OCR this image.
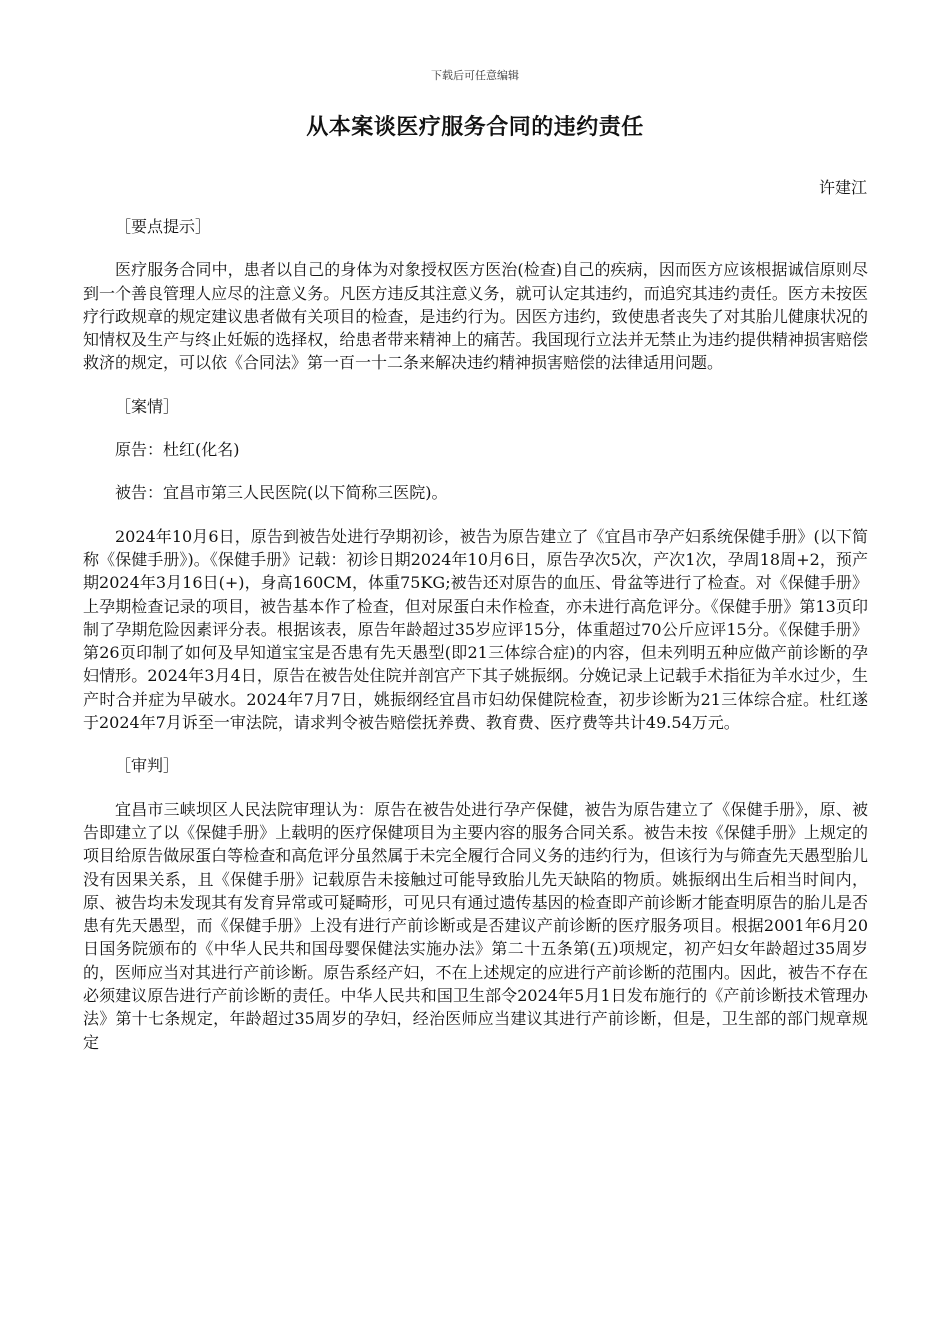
下载后可任意编辑
从本案谈医疗服务合同的违约责任
许建江

［要点提示］

医疗服务合同中，患者以自己的身体为对象授权医方医治(检查)自己的疾病，因而医方应该根据诚信原则尽到一个善良管理人应尽的注意义务。凡医方违反其注意义务，就可认定其违约，而追究其违约责任。医方未按医疗行政规章的规定建议患者做有关项目的检查，是违约行为。因医方违约，致使患者丧失了对其胎儿健康状况的知情权及生产与终止妊娠的选择权，给患者带来精神上的痛苦。我国现行立法并无禁止为违约提供精神损害赔偿救济的规定，可以依《合同法》第一百一十二条来解决违约精神损害赔偿的法律适用问题。

［案情］

原告：杜红(化名)

被告：宜昌市第三人民医院(以下简称三医院)。

2024年10月6日，原告到被告处进行孕期初诊，被告为原告建立了《宜昌市孕产妇系统保健手册》(以下简称《保健手册》)。《保健手册》记载：初诊日期2024年10月6日，原告孕次5次，产次1次，孕周18周+2，预产期2024年3月16日(+)，身高160CM，体重75KG;被告还对原告的血压、骨盆等进行了检查。对《保健手册》上孕期检查记录的项目，被告基本作了检查，但对尿蛋白未作检查，亦未进行高危评分。《保健手册》第13页印制了孕期危险因素评分表。根据该表，原告年龄超过35岁应评15分，体重超过70公斤应评15分。《保健手册》第26页印制了如何及早知道宝宝是否患有先天愚型(即21三体综合症)的内容，但未列明五种应做产前诊断的孕妇情形。2024年3月4日，原告在被告处住院并剖宫产下其子姚振纲。分娩记录上记载手术指征为羊水过少，生产时合并症为早破水。2024年7月7日，姚振纲经宜昌市妇幼保健院检查，初步诊断为21三体综合症。杜红遂于2024年7月诉至一审法院，请求判令被告赔偿抚养费、教育费、医疗费等共计49.54万元。

［审判］

宜昌市三峡坝区人民法院审理认为：原告在被告处进行孕产保健，被告为原告建立了《保健手册》，原、被告即建立了以《保健手册》上载明的医疗保健项目为主要内容的服务合同关系。被告未按《保健手册》上规定的项目给原告做尿蛋白等检查和高危评分虽然属于未完全履行合同义务的违约行为，但该行为与筛查先天愚型胎儿没有因果关系，且《保健手册》记载原告未接触过可能导致胎儿先天缺陷的物质。姚振纲出生后相当时间内，原、被告均未发现其有发育异常或可疑畸形，可见只有通过遗传基因的检查即产前诊断才能查明原告的胎儿是否患有先天愚型，而《保健手册》上没有进行产前诊断或是否建议产前诊断的医疗服务项目。根据2001年6月20日国务院颁布的《中华人民共和国母婴保健法实施办法》第二十五条第(五)项规定，初产妇女年龄超过35周岁的，医师应当对其进行产前诊断。原告系经产妇，不在上述规定的应进行产前诊断的范围内。因此，被告不存在必须建议原告进行产前诊断的责任。中华人民共和国卫生部令2024年5月1日发布施行的《产前诊断技术管理办法》第十七条规定，年龄超过35周岁的孕妇，经治医师应当建议其进行产前诊断，但是，卫生部的部门规章规定
